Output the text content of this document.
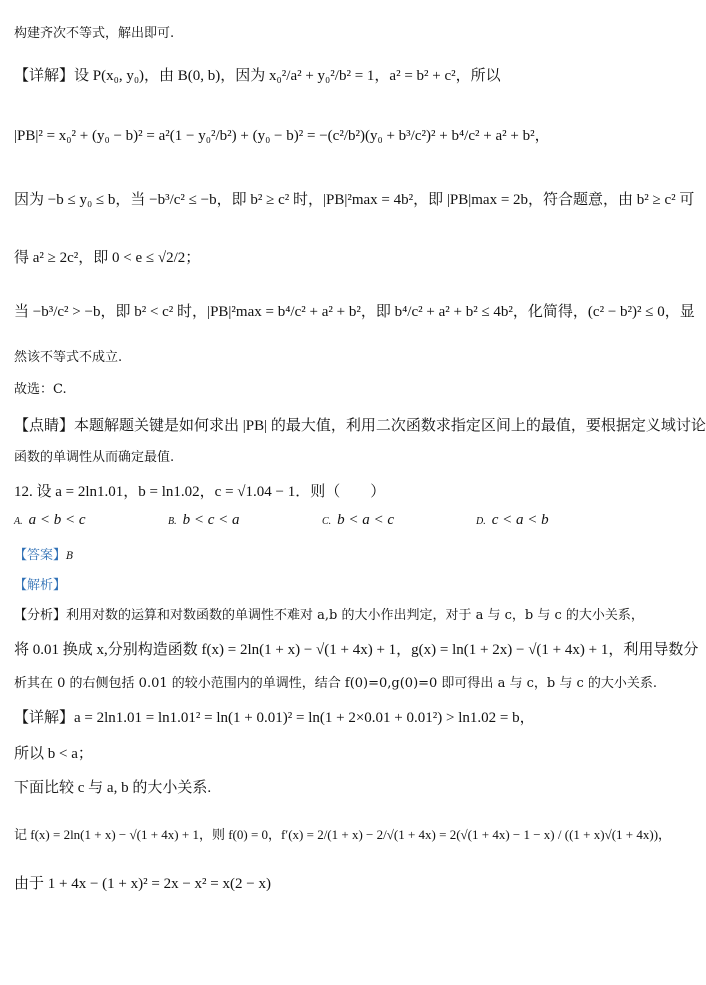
构建齐次不等式，解出即可.
【详解】设 P(x₀, y₀)，由 B(0, b)，因为 x₀²/a² + y₀²/b² = 1，a² = b² + c²，所以
|PB|² = x₀² + (y₀ − b)² = a²(1 − y₀²/b²) + (y₀ − b)² = −(c²/b²)(y₀ + b³/c²)² + b⁴/c² + a² + b²，
因为 −b ≤ y₀ ≤ b，当 −b³/c² ≤ −b，即 b² ≥ c² 时，|PB|²max = 4b²，即 |PB|max = 2b，符合题意，由 b² ≥ c² 可
得 a² ≥ 2c²，即 0 < e ≤ √2/2；
当 −b³/c² > −b，即 b² < c² 时，|PB|²max = b⁴/c² + a² + b²，即 b⁴/c² + a² + b² ≤ 4b²，化简得，(c² − b²)² ≤ 0，显
然该不等式不成立.
故选：C.
【点睛】本题解题关键是如何求出 |PB| 的最大值，利用二次函数求指定区间上的最值，要根据定义域讨论
函数的单调性从而确定最值.
12. 设 a = 2ln1.01，b = ln1.02，c = √1.04 − 1．则（　　）
A. a < b < c	B. b < c < a	C. b < a < c	D. c < a < b
【答案】B
【解析】
【分析】利用对数的运算和对数函数的单调性不难对 a,b 的大小作出判定，对于 a 与 c，b 与 c 的大小关系，
将 0.01 换成 x,分别构造函数 f(x) = 2ln(1 + x) − √(1 + 4x) + 1，g(x) = ln(1 + 2x) − √(1 + 4x) + 1，利用导数分
析其在 0 的右侧包括 0.01 的较小范围内的单调性，结合 f(0)=0,g(0)=0 即可得出 a 与 c，b 与 c 的大小关系.
【详解】a = 2ln1.01 = ln1.01² = ln(1 + 0.01)² = ln(1 + 2×0.01 + 0.01²) > ln1.02 = b，
所以 b < a；
下面比较 c 与 a, b 的大小关系.
记 f(x) = 2ln(1 + x) − √(1 + 4x) + 1，则 f(0) = 0，f′(x) = 2/(1 + x) − 2/√(1 + 4x) = 2(√(1 + 4x) − 1 − x) / ((1 + x)√(1 + 4x))，
由于 1 + 4x − (1 + x)² = 2x − x² = x(2 − x)
